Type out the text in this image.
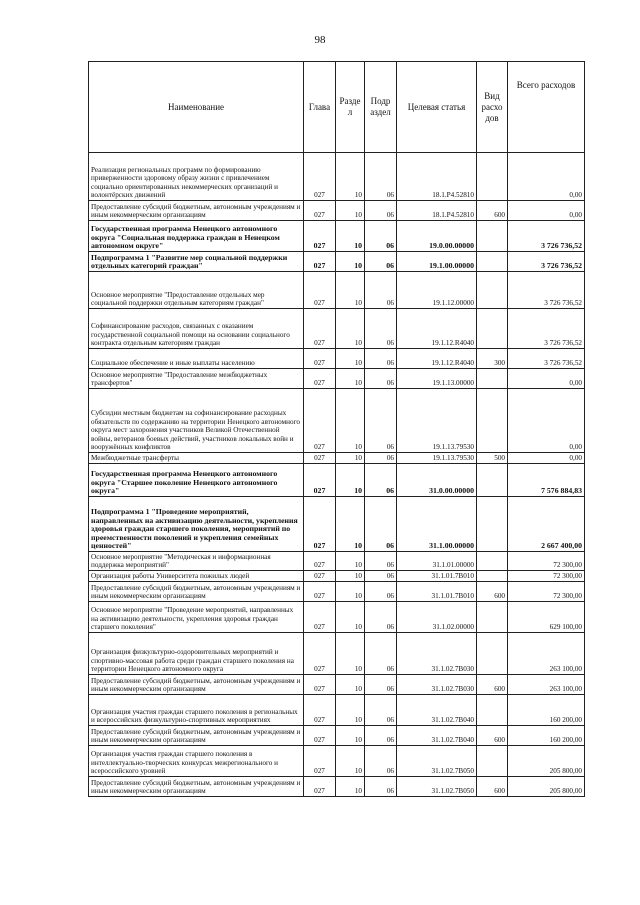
98
Наименование	Глава	Разде л	Подр аздел	Целевая статья	Вид расхо дов	Всего расходов
Реализация региональных программ по формированию приверженности здоровому образу жизни с привлечением социально ориентированных некоммерческих организаций и волонтёрских движений	027	10	06	18.1.P4.52810		0,00
Предоставление субсидий бюджетным, автономным учреждениям и иным некоммерческим организациям	027	10	06	18.1.P4.52810	600	0,00
Государственная программа Ненецкого автономного округа "Социальная поддержка граждан в Ненецком автономном округе"	027	10	06	19.0.00.00000		3 726 736,52
Подпрограмма 1 "Развитие мер социальной поддержки отдельных категорий граждан"	027	10	06	19.1.00.00000		3 726 736,52
Основное мероприятие "Предоставление отдельных мер социальной поддержки отдельным категориям граждан"	027	10	06	19.1.12.00000		3 726 736,52
Софинансирование расходов, связанных с оказанием государственной социальной помощи на основании социального контракта отдельным категориям граждан	027	10	06	19.1.12.R4040		3 726 736,52
Социальное обеспечение и иные выплаты населению	027	10	06	19.1.12.R4040	300	3 726 736,52
Основное мероприятие "Предоставление межбюджетных трансфертов"	027	10	06	19.1.13.00000		0,00
Субсидии местным бюджетам на софинансирование расходных обязательств по содержанию на территории Ненецкого автономного округа мест захоронения участников Великой Отечественной войны, ветеранов боевых действий, участников локальных войн и вооружённых конфликтов	027	10	06	19.1.13.79530		0,00
Межбюджетные трансферты	027	10	06	19.1.13.79530	500	0,00
Государственная программа Ненецкого автономного округа "Старшее поколение Ненецкого автономного округа"	027	10	06	31.0.00.00000		7 576 884,83
Подпрограмма 1 "Проведение мероприятий, направленных на активизацию деятельности, укрепления здоровья граждан старшего поколения, мероприятий по преемственности поколений и укрепления семейных ценностей"	027	10	06	31.1.00.00000		2 667 400,00
Основное мероприятие "Методическая и информационная поддержка мероприятий"	027	10	06	31.1.01.00000		72 300,00
Организация работы Университета пожилых людей	027	10	06	31.1.01.7B010		72 300,00
Предоставление субсидий бюджетным, автономным учреждениям и иным некоммерческим организациям	027	10	06	31.1.01.7B010	600	72 300,00
Основное мероприятие "Проведение мероприятий, направленных на активизацию деятельности, укрепления здоровья граждан старшего поколения"	027	10	06	31.1.02.00000		629 100,00
Организация физкультурно-оздоровительных мероприятий и спортивно-массовая работа среди граждан старшего поколения на территории Ненецкого автономного округа	027	10	06	31.1.02.7B030		263 100,00
Предоставление субсидий бюджетным, автономным учреждениям и иным некоммерческим организациям	027	10	06	31.1.02.7B030	600	263 100,00
Организация участия граждан старшего поколения в региональных и всероссийских физкультурно-спортивных мероприятиях	027	10	06	31.1.02.7B040		160 200,00
Предоставление субсидий бюджетным, автономным учреждениям и иным некоммерческим организациям	027	10	06	31.1.02.7B040	600	160 200,00
Организация участия граждан старшего поколения в интеллектуально-творческих конкурсах межрегионального и всероссийского уровней	027	10	06	31.1.02.7B050		205 800,00
Предоставление субсидий бюджетным, автономным учреждениям и иным некоммерческим организациям	027	10	06	31.1.02.7B050	600	205 800,00
